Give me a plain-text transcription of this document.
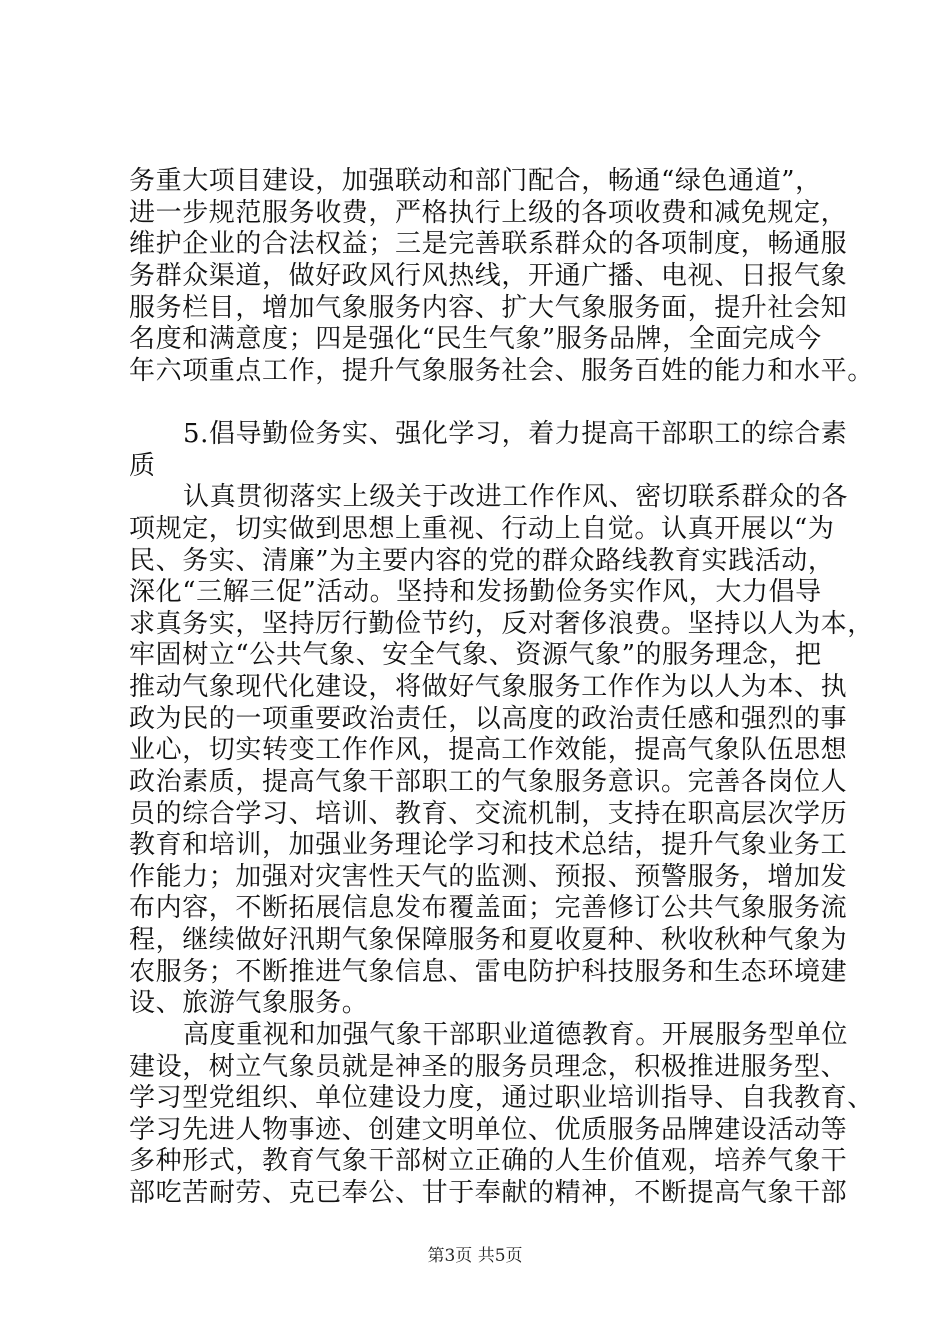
务重大项目建设，加强联动和部门配合，畅通“绿色通道”，
进一步规范服务收费，严格执行上级的各项收费和减免规定，
维护企业的合法权益；三是完善联系群众的各项制度，畅通服
务群众渠道，做好政风行风热线，开通广播、电视、日报气象
服务栏目，增加气象服务内容、扩大气象服务面，提升社会知
名度和满意度；四是强化“民生气象”服务品牌，全面完成今
年六项重点工作，提升气象服务社会、服务百姓的能力和水平。
5.倡导勤俭务实、强化学习，着力提高干部职工的综合素
质
认真贯彻落实上级关于改进工作作风、密切联系群众的各
项规定，切实做到思想上重视、行动上自觉。认真开展以“为
民、务实、清廉”为主要内容的党的群众路线教育实践活动，
深化“三解三促”活动。坚持和发扬勤俭务实作风，大力倡导
求真务实，坚持厉行勤俭节约，反对奢侈浪费。坚持以人为本，
牢固树立“公共气象、安全气象、资源气象”的服务理念，把
推动气象现代化建设，将做好气象服务工作作为以人为本、执
政为民的一项重要政治责任，以高度的政治责任感和强烈的事
业心，切实转变工作作风，提高工作效能，提高气象队伍思想
政治素质，提高气象干部职工的气象服务意识。完善各岗位人
员的综合学习、培训、教育、交流机制，支持在职高层次学历
教育和培训，加强业务理论学习和技术总结，提升气象业务工
作能力；加强对灾害性天气的监测、预报、预警服务，增加发
布内容，不断拓展信息发布覆盖面；完善修订公共气象服务流
程，继续做好汛期气象保障服务和夏收夏种、秋收秋种气象为
农服务；不断推进气象信息、雷电防护科技服务和生态环境建
设、旅游气象服务。
高度重视和加强气象干部职业道德教育。开展服务型单位
建设，树立气象员就是神圣的服务员理念，积极推进服务型、
学习型党组织、单位建设力度，通过职业培训指导、自我教育、
学习先进人物事迹、创建文明单位、优质服务品牌建设活动等
多种形式，教育气象干部树立正确的人生价值观，培养气象干
部吃苦耐劳、克已奉公、甘于奉献的精神，不断提高气象干部
第3页 共5页
